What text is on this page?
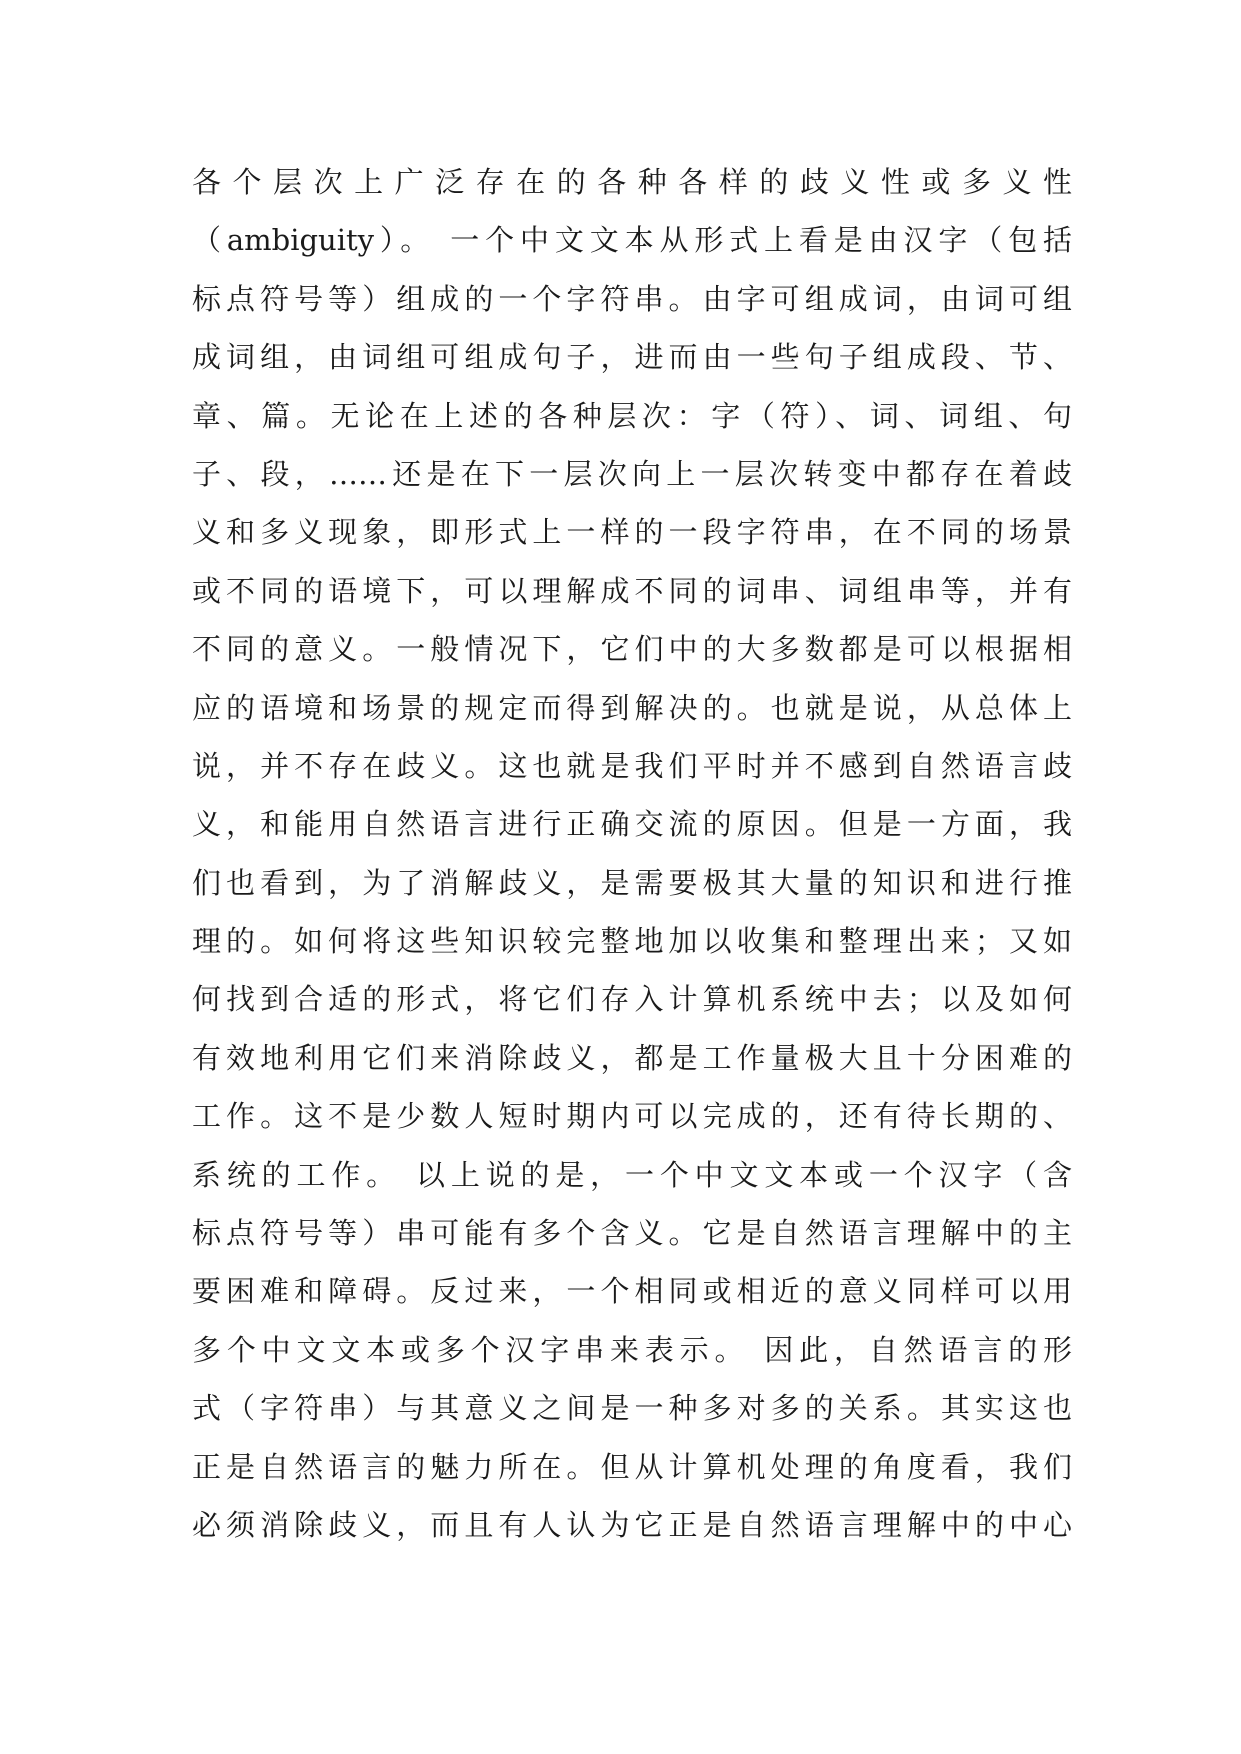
各个层次上广泛存在的各种各样的歧义性或多义性
（ambiguity）。 一个中文文本从形式上看是由汉字（包括
标点符号等）组成的一个字符串。由字可组成词，由词可组
成词组，由词组可组成句子，进而由一些句子组成段、节、
章、篇。无论在上述的各种层次：字（符）、词、词组、句
子、段，……还是在下一层次向上一层次转变中都存在着歧
义和多义现象，即形式上一样的一段字符串，在不同的场景
或不同的语境下，可以理解成不同的词串、词组串等，并有
不同的意义。一般情况下，它们中的大多数都是可以根据相
应的语境和场景的规定而得到解决的。也就是说，从总体上
说，并不存在歧义。这也就是我们平时并不感到自然语言歧
义，和能用自然语言进行正确交流的原因。但是一方面，我
们也看到，为了消解歧义，是需要极其大量的知识和进行推
理的。如何将这些知识较完整地加以收集和整理出来；又如
何找到合适的形式，将它们存入计算机系统中去；以及如何
有效地利用它们来消除歧义，都是工作量极大且十分困难的
工作。这不是少数人短时期内可以完成的，还有待长期的、
系统的工作。 以上说的是，一个中文文本或一个汉字（含
标点符号等）串可能有多个含义。它是自然语言理解中的主
要困难和障碍。反过来，一个相同或相近的意义同样可以用
多个中文文本或多个汉字串来表示。 因此，自然语言的形
式（字符串）与其意义之间是一种多对多的关系。其实这也
正是自然语言的魅力所在。但从计算机处理的角度看，我们
必须消除歧义，而且有人认为它正是自然语言理解中的中心
